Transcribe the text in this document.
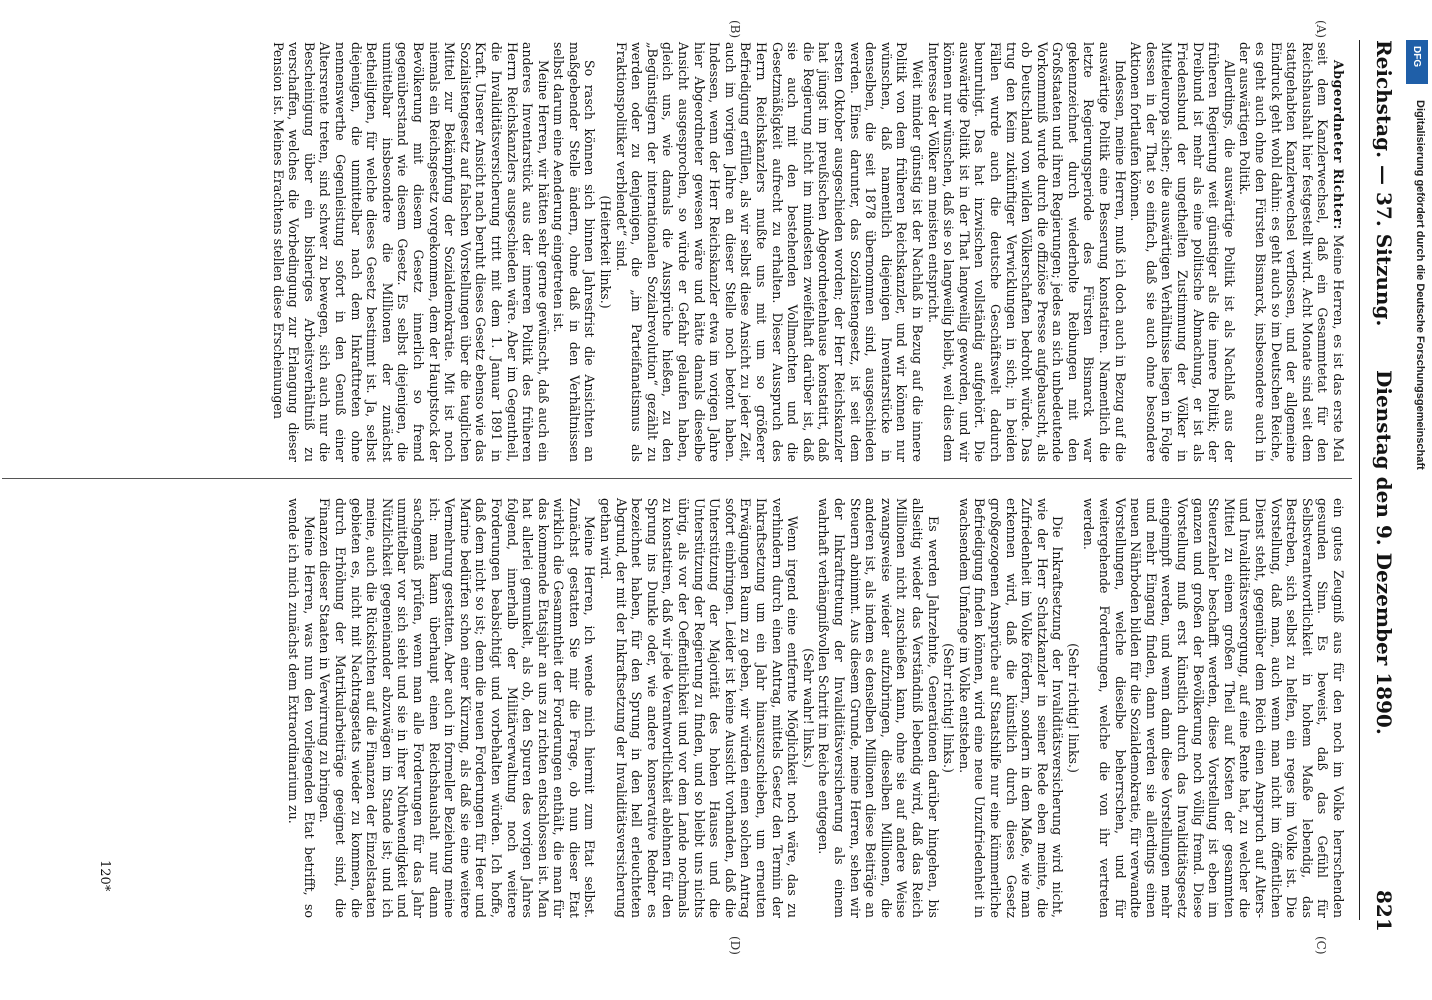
Reichstag. — 37. Sitzung.
Dienstag den 9. Dezember 1890.
821
(A)
(B)
(C)
(D)

Abgeordneter Richter: Meine Herren, es ist das erste Mal seit dem Kanzlerwechsel, daß ein Gesammtetat für den Reichshaushalt hier festgestellt wird. Acht Monate sind seit dem stattgehabten Kanzlerwechsel verflossen, und der allgemeine Eindruck geht wohl dahin: es geht auch so im Deutschen Reiche, es geht auch ohne den Fürsten Bismarck, insbesondere auch in der auswärtigen Politik.

Allerdings, die auswärtige Politik ist als Nachlaß aus der früheren Regierung weit günstiger als die innere Politik; der Dreibund ist mehr als eine politische Abmachung, er ist als Friedensbund der ungetheilten Zustimmung der Völker in Mitteleuropa sicher; die auswärtigen Verhältnisse liegen in Folge dessen in der That so einfach, daß sie auch ohne besondere Aktionen fortlaufen können.

Indessen, meine Herren, muß ich doch auch in Bezug auf die auswärtige Politik eine Besserung konstatiren. Namentlich die letzte Regierungsperiode des Fürsten Bismarck war gekennzeichnet durch wiederholte Reibungen mit den Großstaaten und ihren Regierungen; jedes an sich unbedeutende Vorkommniß wurde durch die offiziöse Presse aufgebauscht, als ob Deutschland von wilden Völkerschaften bedroht würde. Das trug den Keim zukünftiger Verwicklungen in sich; in beiden Fällen wurde auch die deutsche Geschäftswelt dadurch beunruhigt. Das hat inzwischen vollständig aufgehört. Die auswärtige Politik ist in der That langweilig geworden, und wir können nur wünschen, daß sie so langweilig bleibt, weil dies dem Interesse der Völker am meisten entspricht.

Weit minder günstig ist der Nachlaß in Bezug auf die innere Politik von dem früheren Reichskanzler, und wir können nur wünschen, daß namentlich diejenigen Inventarstücke in denselben, die seit 1878 übernommen sind, ausgeschieden werden. Eines darunter, das Sozialistengesetz, ist seit dem ersten Oktober ausgeschieden worden; der Herr Reichskanzler hat jüngst im preußischen Abgeordnetenhause konstatirt, daß die Regierung nicht im mindesten zweifelhaft darüber ist, daß sie auch mit den bestehenden Vollmachten und die Gesetzmäßigkeit aufrecht zu erhalten. Dieser Ausspruch des Herrn Reichskanzlers mußte uns mit um so größerer Befriedigung erfüllen, als wir selbst diese Ansicht zu jeder Zeit, auch im vorigen Jahre an dieser Stelle noch betont haben. Indessen, wenn der Herr Reichskanzler etwa im vorigen Jahre hier Abgeordneter gewesen wäre und hätte damals dieselbe Ansicht ausgesprochen, so würde er Gefahr gelaufen haben, gleich uns, wie damals die Aussprüche hießen, zu den „Begünstigern der internationalen Sozialrevolution“ gezählt zu werden oder zu denjenigen, die „im Parteifanatismus als Fraktionspolitiker verblendet“ sind.

(Heiterkeit links.)

So rasch können sich binnen Jahresfrist die Ansichten an maßgebender Stelle ändern, ohne daß in den Verhältnissen selbst darum eine Aenderung eingetreten ist.

Meine Herren, wir hätten sehr gerne gewünscht, daß auch ein anderes Inventarstück aus der inneren Politik des früheren Herrn Reichskanzlers ausgeschieden wäre. Aber im Gegentheil, die Invaliditätsversicherung tritt mit dem 1. Januar 1891 in Kraft. Unserer Ansicht nach beruht dieses Gesetz ebenso wie das Sozialistengesetz auf falschen Vorstellungen über die tauglichen Mittel zur Bekämpfung der Sozialdemokratie. Mit ist noch niemals ein Reichsgesetz vorgekommen, dem der Hauptstock der Bevölkerung mit diesem Gesetz innerlich so fremd gegenüberstand wie diesem Gesetz. Es selbst diejenigen, die unmittelbar insbesondere die Millionen der zunächst Betheiligten, für welche dieses Gesetz bestimmt ist. Ja, selbst diejenigen, die unmittelbar nach dem Inkrafttreten ohne nennenswerthe Gegenleistung sofort in den Genuß einer Altersrente treten, sind schwer zu bewegen, sich auch nur die Bescheinigung über ein bisheriges Arbeitsverhältniß zu verschaffen, welches die Vorbedingung zur Erlangung dieser Pension ist. Meines Erachtens stellen diese Erscheinungen

ein gutes Zeugniß aus für den noch im Volke herrschenden gesunden Sinn. Es beweist, daß das Gefühl für Selbstverantwortlichkeit in hohem Maße lebendig, das Bestreben, sich selbst zu helfen, ein reges im Volke ist. Die Vorstellung, daß man, auch wenn man nicht im öffentlichen Dienst steht, gegenüber dem Reich einen Anspruch auf Alters- und Invaliditätsversorgung, auf eine Rente hat, zu welcher die Mittel zu einem großen Theil auf Kosten der gesammten Steuerzahler beschafft werden, diese Vorstellung ist eben im ganzen und großen der Bevölkerung noch völlig fremd. Diese Vorstellung muß erst künstlich durch das Invaliditätsgesetz eingeimpft werden, und wenn dann diese Vorstellungen mehr und mehr Eingang finden, dann werden sie allerdings einen neuen Nährboden bilden für die Sozialdemokratie, für verwandte Vorstellungen, welche dieselbe beherrschen, und für weitergehende Forderungen, welche die von ihr vertreten werden.

(Sehr richtig! links.)

Die Inkraftsetzung der Invaliditätsversicherung wird nicht, wie der Herr Schatzkanzler in seiner Rede eben meinte, die Zufriedenheit im Volke fördern, sondern in dem Maße, wie man erkennen wird, daß die künstlich durch dieses Gesetz großgezogenen Ansprüche auf Staatshilfe nur eine kümmerliche Befriedigung finden können, wird eine neue Unzufriedenheit in wachsendem Umfange im Volke entstehen.

(Sehr richtig! links.)

Es werden Jahrzehnte, Generationen darüber hingehen, bis allseitig wieder das Verständniß lebendig wird, daß das Reich Millionen nicht zuschießen kann, ohne sie auf andere Weise zwangsweise wieder aufzubringen, dieselben Millionen, die anderen ist, als indem es denselben Millionen diese Beiträge an Steuern abnimmt. Aus diesem Grunde, meine Herren, sehen wir der Inkrafttretung der Invaliditätsversicherung als einem wahrhaft verhängnißvollen Schritt im Reiche entgegen.

(Sehr wahr! links.)

Wenn irgend eine entfernte Möglichkeit noch wäre, das zu verhindern durch einen Antrag, mittels Gesetz den Termin der Inkraftsetzung um ein Jahr hinauszuschieben, um erneuten Erwägungen Raum zu geben, wir würden einen solchen Antrag sofort einbringen. Leider ist keine Aussicht vorhanden, daß die Unterstützung der Majorität des hohen Hauses und die Unterstützung der Regierung zu finden, und so bleibt uns nichts übrig, als vor der Oeffentlichkeit und vor dem Lande nochmals zu konstatiren, daß wir jede Verantwortlichkeit ablehnen für den Sprung ins Dunkle oder, wie andere konservative Redner es bezeichnet haben, für den Sprung in den hell erleuchteten Abgrund, der mit der Inkraftsetzung der Invaliditätsversicherung gethan wird.

Meine Herren, ich wende mich hiermit zum Etat selbst. Zunächst gestatten Sie mir die Frage, ob nun dieser Etat wirklich die Gesammtheit der Forderungen enthält, die man für das kommende Etatsjahr an uns zu richten entschlossen ist. Man hat allerlei gemunkelt, als ob, den Spuren des vorigen Jahres folgend, innerhalb der Militärverwaltung noch weitere Forderungen beabsichtigt und vorbehalten würden. Ich hoffe, daß dem nicht so ist; denn die neuen Forderungen für Heer und Marine bedürfen schon einer Kürzung, als daß sie eine weitere Vermehrung gestatten. Aber auch in formeller Beziehung meine ich: man kann überhaupt einen Reichshaushalt nur dann sachgemäß prüfen, wenn man alle Forderungen für das Jahr unmittelbar vor sich sieht und sie in ihrer Nothwendigkeit und Nützlichkeit gegeneinander abzuwägen im Stande ist; und ich meine, auch die Rücksichten auf die Finanzen der Einzelstaaten gebieten es, nicht mit Nachtragsetats wieder zu kommen, die durch Erhöhung der Matrikularbeiträge geeignet sind, die Finanzen dieser Staaten in Verwirrung zu bringen.

Meine Herren, was nun den vorliegenden Etat betrifft, so wende ich mich zunächst dem Extraordinarium zu.

120*
DFG
Digitalisierung gefördert durch die Deutsche Forschungsgemeinschaft
